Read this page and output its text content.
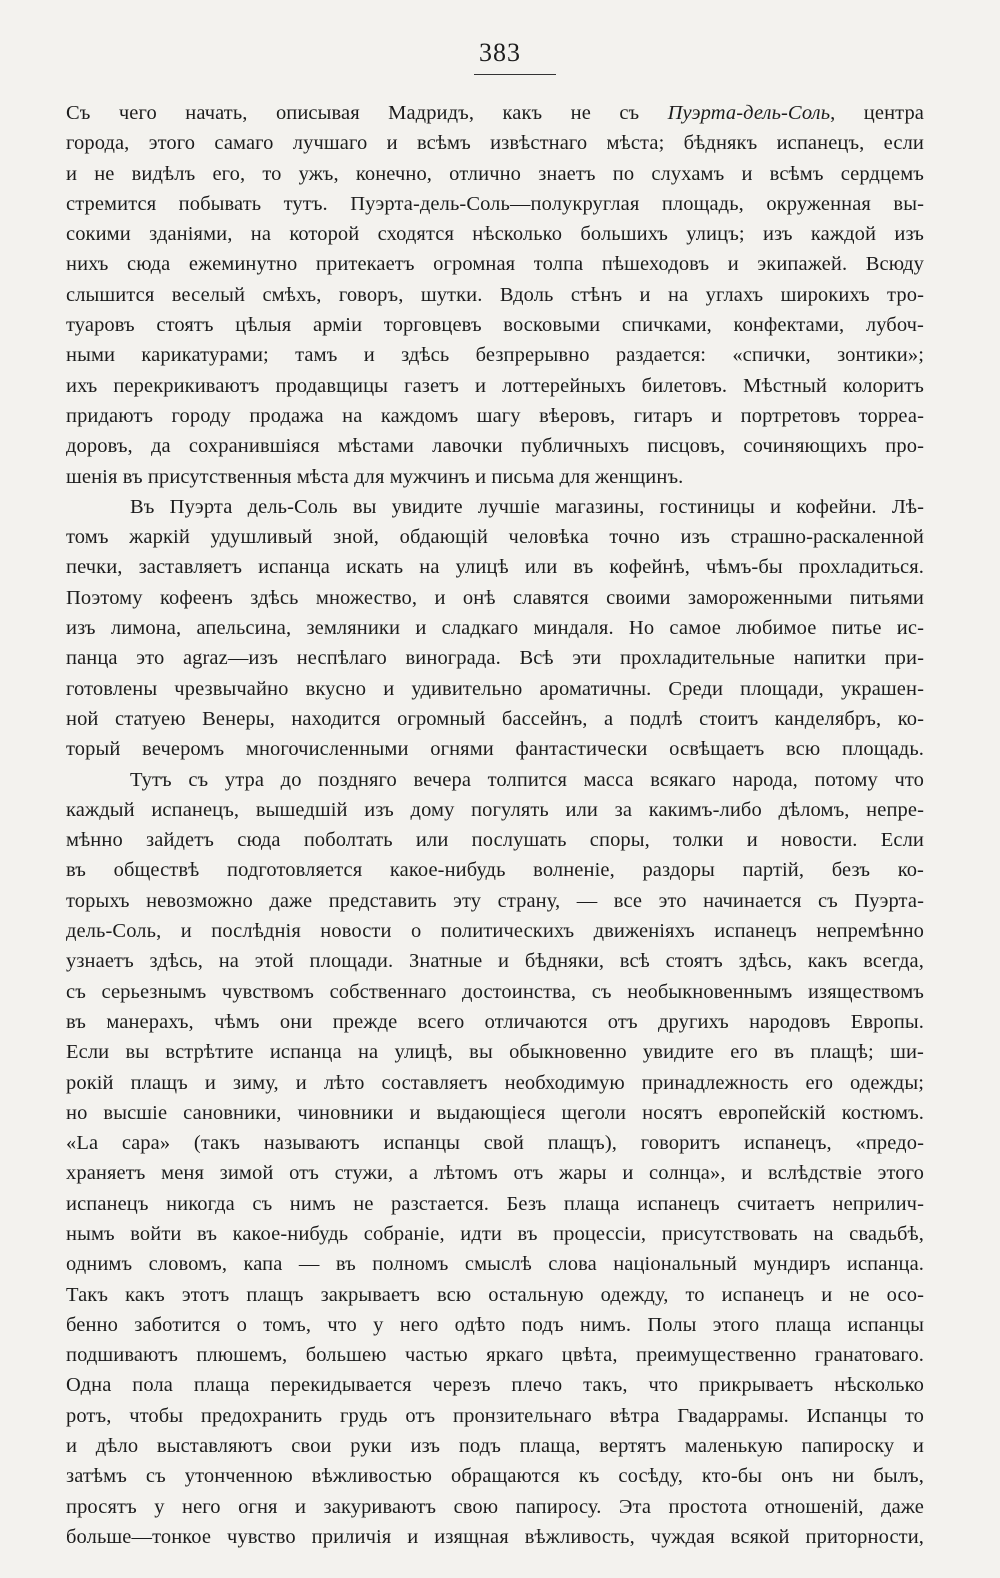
383
Съ чего начать, описывая Мадридъ, какъ не съ Пуэрта-дель-Соль, центра
города, этого самаго лучшаго и всѣмъ извѣстнаго мѣста; бѣднякъ испанецъ, если
и не видѣлъ его, то ужъ, конечно, отлично знаетъ по слухамъ и всѣмъ сердцемъ
стремится побывать тутъ. Пуэрта-дель-Соль—полукруглая площадь, окруженная вы-
сокими зданіями, на которой сходятся нѣсколько большихъ улицъ; изъ каждой изъ
нихъ сюда ежеминутно притекаетъ огромная толпа пѣшеходовъ и экипажей. Всюду
слышится веселый смѣхъ, говоръ, шутки. Вдоль стѣнъ и на углахъ широкихъ тро-
туаровъ стоятъ цѣлыя арміи торговцевъ восковыми спичками, конфектами, лубоч-
ными карикатурами; тамъ и здѣсь безпрерывно раздается: «спички, зонтики»;
ихъ перекрикиваютъ продавщицы газетъ и лоттерейныхъ билетовъ. Мѣстный колоритъ
придаютъ городу продажа на каждомъ шагу вѣеровъ, гитаръ и портретовъ торреа-
доровъ, да сохранившіяся мѣстами лавочки публичныхъ писцовъ, сочиняющихъ про-
шенія въ присутственныя мѣста для мужчинъ и письма для женщинъ.
Въ Пуэрта дель-Соль вы увидите лучшіе магазины, гостиницы и кофейни. Лѣ-
томъ жаркій удушливый зной, обдающій человѣка точно изъ страшно-раскаленной
печки, заставляетъ испанца искать на улицѣ или въ кофейнѣ, чѣмъ-бы прохладиться.
Поэтому кофеенъ здѣсь множество, и онѣ славятся своими замороженными питьями
изъ лимона, апельсина, земляники и сладкаго миндаля. Но самое любимое питье ис-
панца это agraz—изъ неспѣлаго винограда. Всѣ эти прохладительные напитки при-
готовлены чрезвычайно вкусно и удивительно ароматичны. Среди площади, украшен-
ной статуею Венеры, находится огромный бассейнъ, а подлѣ стоитъ канделябръ, ко-
торый вечеромъ многочисленными огнями фантастически освѣщаетъ всю площадь.
Тутъ съ утра до поздняго вечера толпится масса всякаго народа, потому что
каждый испанецъ, вышедшій изъ дому погулять или за какимъ-либо дѣломъ, непре-
мѣнно зайдетъ сюда поболтать или послушать споры, толки и новости. Если
въ обществѣ подготовляется какое-нибудь волненіе, раздоры партій, безъ ко-
торыхъ невозможно даже представить эту страну, — все это начинается съ Пуэрта-
дель-Соль, и послѣднія новости о политическихъ движеніяхъ испанецъ непремѣнно
узнаетъ здѣсь, на этой площади. Знатные и бѣдняки, всѣ стоятъ здѣсь, какъ всегда,
съ серьезнымъ чувствомъ собственнаго достоинства, съ необыкновеннымъ изяществомъ
въ манерахъ, чѣмъ они прежде всего отличаются отъ другихъ народовъ Европы.
Если вы встрѣтите испанца на улицѣ, вы обыкновенно увидите его въ плащѣ; ши-
рокій плащъ и зиму, и лѣто составляетъ необходимую принадлежность его одежды;
но высшіе сановники, чиновники и выдающіеся щеголи носятъ европейскій костюмъ.
«La capa» (такъ называютъ испанцы свой плащъ), говоритъ испанецъ, «предо-
храняетъ меня зимой отъ стужи, а лѣтомъ отъ жары и солнца», и вслѣдствіе этого
испанецъ никогда съ нимъ не разстается. Безъ плаща испанецъ считаетъ неприлич-
нымъ войти въ какое-нибудь собраніе, идти въ процессіи, присутствовать на свадьбѣ,
однимъ словомъ, капа — въ полномъ смыслѣ слова національный мундиръ испанца.
Такъ какъ этотъ плащъ закрываетъ всю остальную одежду, то испанецъ и не осо-
бенно заботится о томъ, что у него одѣто подъ нимъ. Полы этого плаща испанцы
подшиваютъ плюшемъ, большею частью яркаго цвѣта, преимущественно гранатоваго.
Одна пола плаща перекидывается черезъ плечо такъ, что прикрываетъ нѣсколько
ротъ, чтобы предохранить грудь отъ пронзительнаго вѣтра Гвадаррамы. Испанцы то
и дѣло выставляютъ свои руки изъ подъ плаща, вертятъ маленькую папироску и
затѣмъ съ утонченною вѣжливостью обращаются къ сосѣду, кто-бы онъ ни былъ,
просятъ у него огня и закуриваютъ свою папиросу. Эта простота отношеній, даже
больше—тонкое чувство приличія и изящная вѣжливость, чуждая всякой приторности,
